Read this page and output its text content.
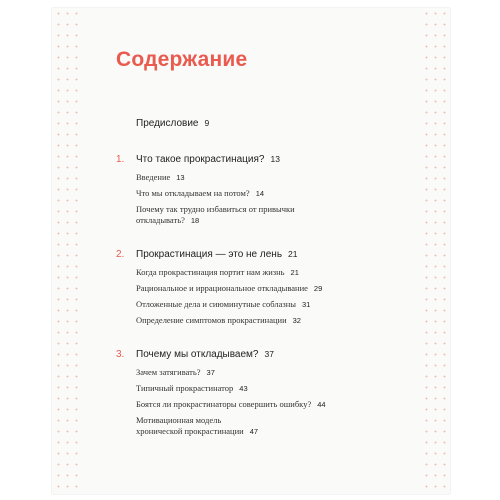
Содержание
Предисловие 9
1. Что такое прокрастинация? 13
Введение 13
Что мы откладываем на потом? 14
Почему так трудно избавиться от привычки
откладывать? 18
2. Прокрастинация — это не лень 21
Когда прокрастинация портит нам жизнь 21
Рациональное и иррациональное откладывание 29
Отложенные дела и сиюминутные соблазны 31
Определение симптомов прокрастинации 32
3. Почему мы откладываем? 37
Зачем затягивать? 37
Типичный прокрастинатор 43
Боятся ли прокрастинаторы совершить ошибку? 44
Мотивационная модель
хронической прокрастинации 47
